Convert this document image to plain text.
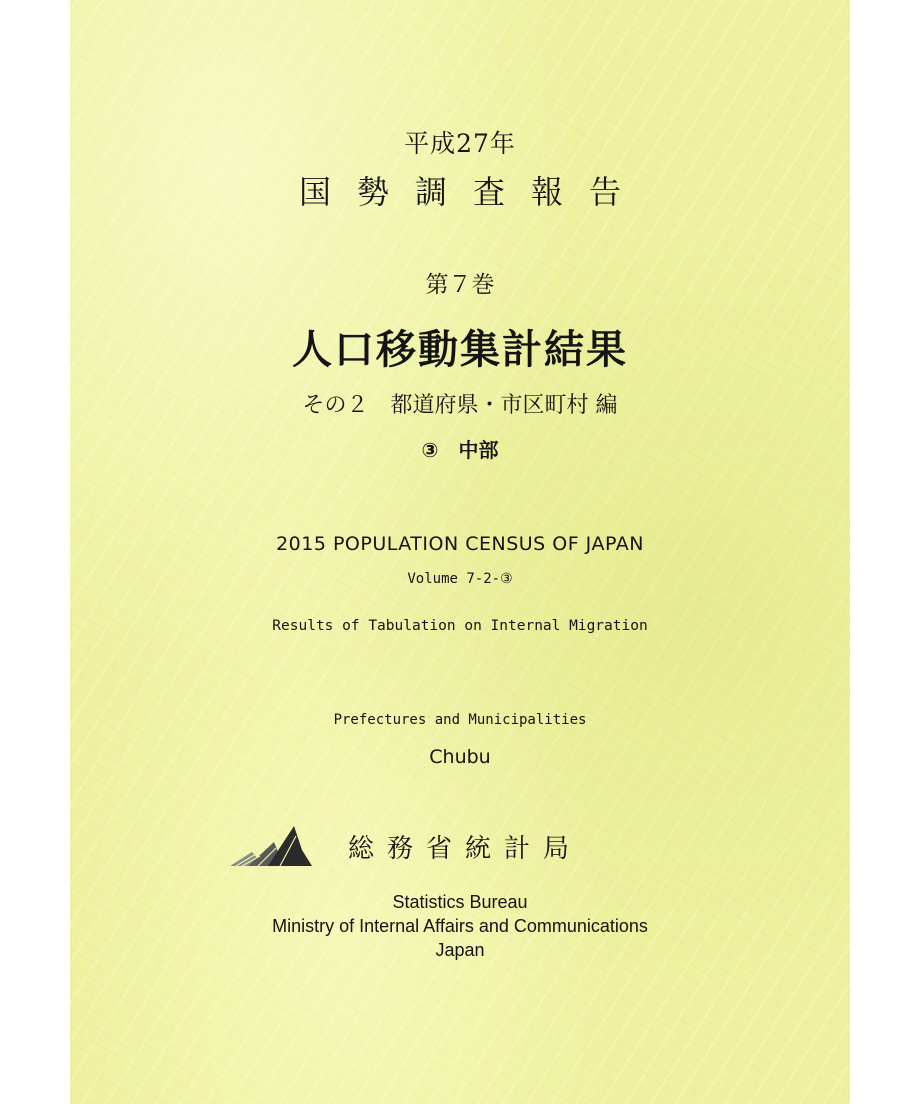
平成27年
国勢調査報告
第７巻
人口移動集計結果
その２　都道府県・市区町村 編
③　中部
2015 POPULATION CENSUS OF JAPAN
Volume 7-2-③
Results of Tabulation on Internal Migration
Prefectures and Municipalities
Chubu
総務省統計局
Statistics Bureau
Ministry of Internal Affairs and Communications
Japan
